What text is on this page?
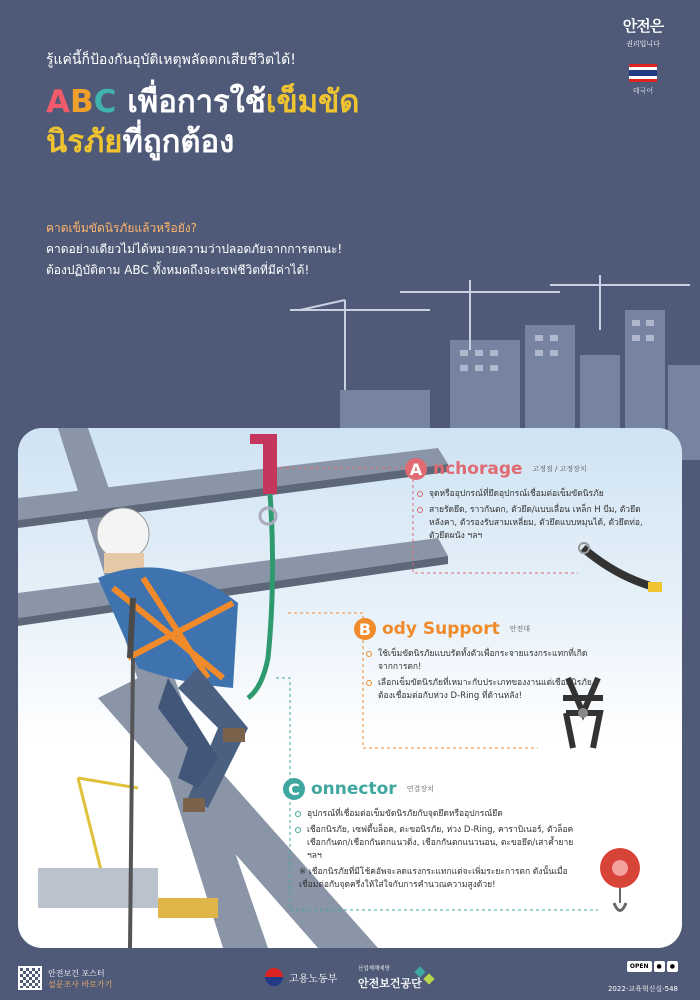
안전은

권리입니다
태국어
รู้แค่นี้ก็ป้องกันอุบัติเหตุพลัดตกเสียชีวิตได้!
ABC เพื่อการใช้เข็มขัด
นิรภัยที่ถูกต้อง
คาดเข็มขัดนิรภัยแล้วหรือยัง?
คาดอย่างเดียวไม่ได้หมายความว่าปลอดภัยจากการตกนะ!
ต้องปฏิบัติตาม ABC ทั้งหมดถึงจะเซฟชีวิตที่มีค่าได้!
A nchorage 고정점 / 고정장치
จุดหรืออุปกรณ์ที่ยึดอุปกรณ์เชื่อมต่อเข็มขัดนิรภัย
สายรัดยึด, ราวกันตก, ตัวยึด/แบบเลื่อน เหล็ก H บีม, ตัวยึดหลังคา, ตัวรองรับสามเหลี่ยม, ตัวยึดแบบหมุนได้, ตัวยึดท่อ, ตัวยึดผนัง ฯลฯ
B ody Support 안전대
ใช้เข็มขัดนิรภัยแบบรัดทั้งตัวเพื่อกระจายแรงกระแทกที่เกิดจากการตก!
เลือกเข็มขัดนิรภัยที่เหมาะกับประเภทของงานแต่เชือกนิรภัยต้องเชื่อมต่อกับห่วง D-Ring ที่ด้านหลัง!
C onnector 연결장치
อุปกรณ์ที่เชื่อมต่อเข็มขัดนิรภัยกับจุดยึดหรืออุปกรณ์ยึด
เชือกนิรภัย, เซฟตี้บล็อค, ตะขอนิรภัย, ห่วง D-Ring, คาราบิเนอร์, ตัวล็อคเชือกกันตก/เชือกกันตกแนวดิ่ง, เชือกกันตกแนวนอน, ตะขอยึด/เสาค้ำยาย ฯลฯ
※ เชือกนิรภัยที่มีโช้คอัพจะลดแรงกระแทกแต่จะเพิ่มระยะการตก ดังนั้นเมื่อเชื่อมต่อกับจุดครึ่งให้ใส่ใจกับการคำนวณความสูงด้วย!
안전보건 포스터
설문조사 바로가기	고용노동부
산업재해예방
안전보건공단
OPEN	●	●
2022-교육혁신실-548
